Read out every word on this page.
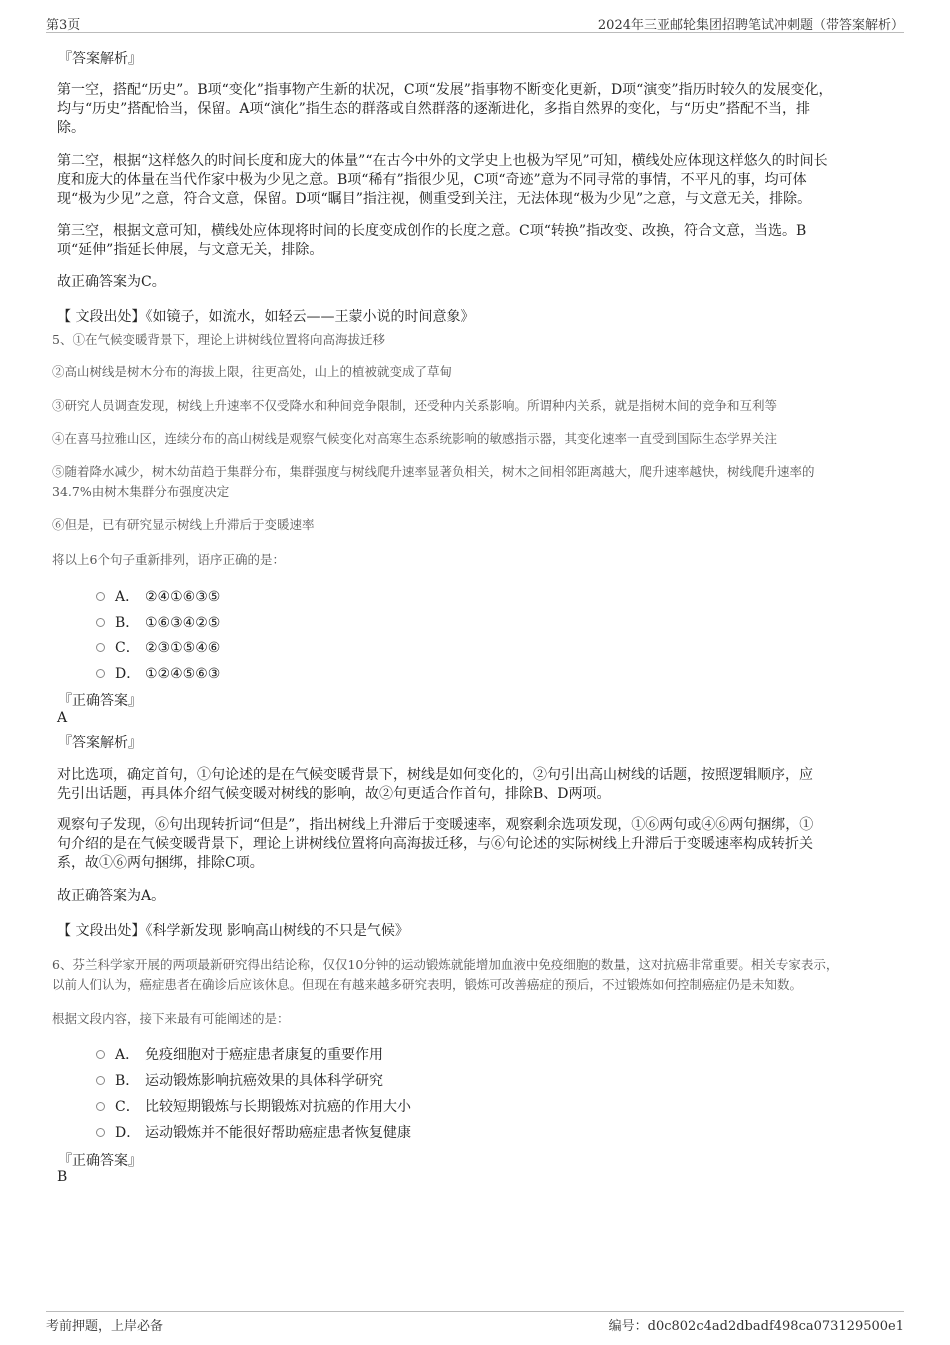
第3页	2024年三亚邮轮集团招聘笔试冲刺题（带答案解析）
『答案解析』
第一空，搭配“历史”。B项“变化”指事物产生新的状况，C项“发展”指事物不断变化更新，D项“演变”指历时较久的发展变化，
均与“历史”搭配恰当，保留。A项“演化”指生态的群落或自然群落的逐渐进化，多指自然界的变化，与“历史”搭配不当，排
除。
第二空，根据“这样悠久的时间长度和庞大的体量”“在古今中外的文学史上也极为罕见”可知，横线处应体现这样悠久的时间长
度和庞大的体量在当代作家中极为少见之意。B项“稀有”指很少见，C项“奇迹”意为不同寻常的事情，不平凡的事，均可体
现“极为少见”之意，符合文意，保留。D项“瞩目”指注视，侧重受到关注，无法体现“极为少见”之意，与文意无关，排除。
第三空，根据文意可知，横线处应体现将时间的长度变成创作的长度之意。C项“转换”指改变、改换，符合文意，当选。B
项“延伸”指延长伸展，与文意无关，排除。
故正确答案为C。
【 文段出处】《如镜子，如流水，如轻云——王蒙小说的时间意象》
5、①在气候变暖背景下，理论上讲树线位置将向高海拔迁移
②高山树线是树木分布的海拔上限，往更高处，山上的植被就变成了草甸
③研究人员调查发现，树线上升速率不仅受降水和种间竞争限制，还受种内关系影响。所谓种内关系，就是指树木间的竞争和互利等
④在喜马拉雅山区，连续分布的高山树线是观察气候变化对高寒生态系统影响的敏感指示器，其变化速率一直受到国际生态学界关注
⑤随着降水减少，树木幼苗趋于集群分布，集群强度与树线爬升速率显著负相关，树木之间相邻距离越大，爬升速率越快，树线爬升速率的
34.7%由树木集群分布强度决定
⑥但是，已有研究显示树线上升滞后于变暖速率
将以上6个句子重新排列，语序正确的是：
A． ②④①⑥③⑤
B． ①⑥③④②⑤
C． ②③①⑤④⑥
D． ①②④⑤⑥③
『正确答案』
A
『答案解析』
对比选项，确定首句，①句论述的是在气候变暖背景下，树线是如何变化的，②句引出高山树线的话题，按照逻辑顺序，应
先引出话题，再具体介绍气候变暖对树线的影响，故②句更适合作首句，排除B、D两项。
观察句子发现，⑥句出现转折词“但是”，指出树线上升滞后于变暖速率，观察剩余选项发现，①⑥两句或④⑥两句捆绑，①
句介绍的是在气候变暖背景下，理论上讲树线位置将向高海拔迁移，与⑥句论述的实际树线上升滞后于变暖速率构成转折关
系，故①⑥两句捆绑，排除C项。
故正确答案为A。
【 文段出处】《科学新发现 影响高山树线的不只是气候》
6、芬兰科学家开展的两项最新研究得出结论称，仅仅10分钟的运动锻炼就能增加血液中免疫细胞的数量，这对抗癌非常重要。相关专家表示，
以前人们认为，癌症患者在确诊后应该休息。但现在有越来越多研究表明，锻炼可改善癌症的预后，不过锻炼如何控制癌症仍是未知数。
根据文段内容，接下来最有可能阐述的是：
A． 免疫细胞对于癌症患者康复的重要作用
B． 运动锻炼影响抗癌效果的具体科学研究
C． 比较短期锻炼与长期锻炼对抗癌的作用大小
D． 运动锻炼并不能很好帮助癌症患者恢复健康
『正确答案』
B
考前押题，上岸必备	编号：d0c802c4ad2dbadf498ca073129500e1
